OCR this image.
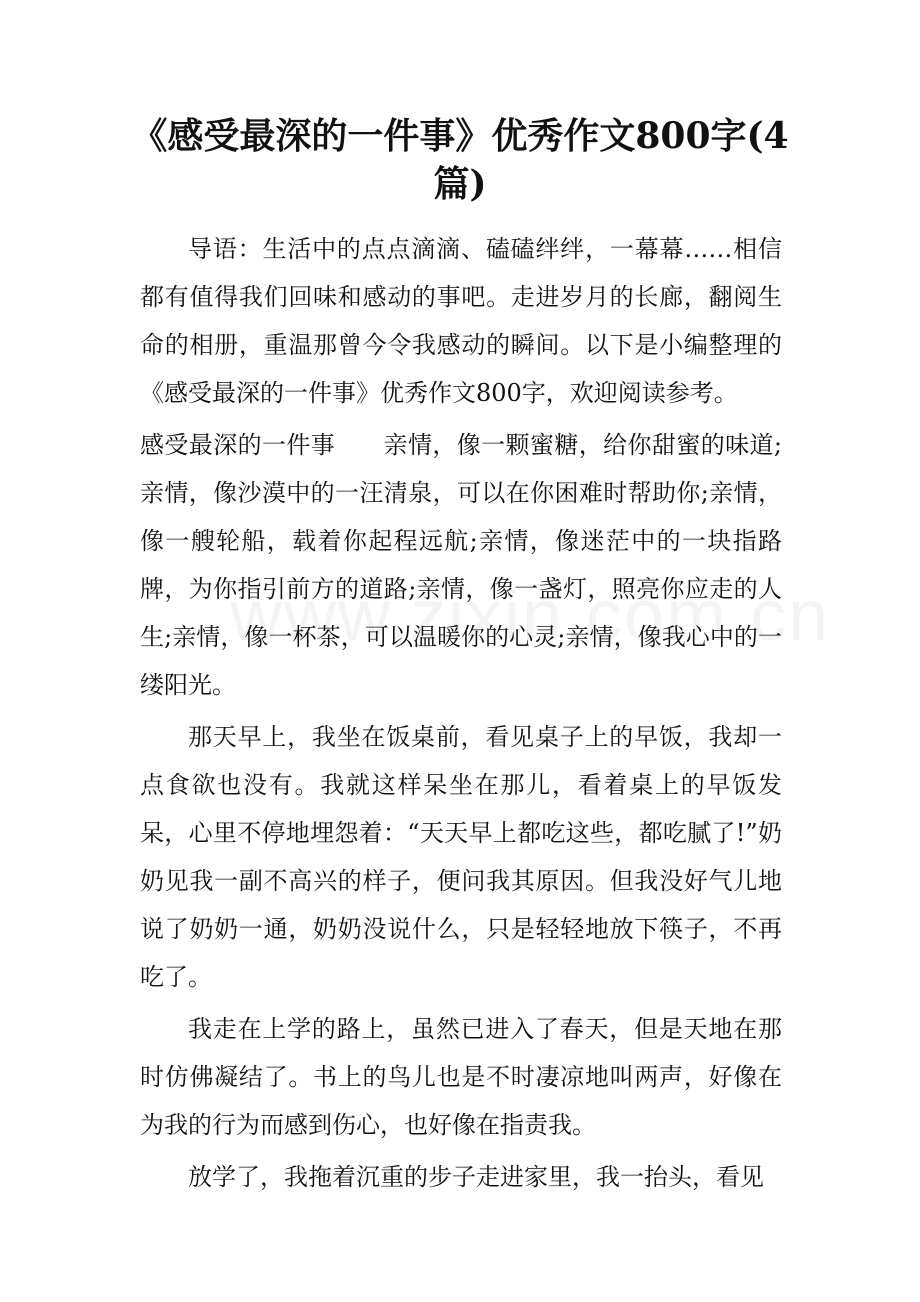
《感受最深的一件事》优秀作文800字(4篇)

导语：生活中的点点滴滴、磕磕绊绊，一幕幕……相信都有值得我们回味和感动的事吧。走进岁月的长廊，翻阅生命的相册，重温那曾今令我感动的瞬间。以下是小编整理的《感受最深的一件事》优秀作文800字，欢迎阅读参考。

感受最深的一件事 亲情，像一颗蜜糖，给你甜蜜的味道;亲情，像沙漠中的一汪清泉，可以在你困难时帮助你;亲情，像一艘轮船，载着你起程远航;亲情，像迷茫中的一块指路牌，为你指引前方的道路;亲情，像一盏灯，照亮你应走的人生;亲情，像一杯茶，可以温暖你的心灵;亲情，像我心中的一缕阳光。

那天早上，我坐在饭桌前，看见桌子上的早饭，我却一点食欲也没有。我就这样呆坐在那儿，看着桌上的早饭发呆，心里不停地埋怨着：“天天早上都吃这些，都吃腻了!”奶奶见我一副不高兴的样子，便问我其原因。但我没好气儿地说了奶奶一通，奶奶没说什么，只是轻轻地放下筷子，不再吃了。

我走在上学的路上，虽然已进入了春天，但是天地在那时仿佛凝结了。书上的鸟儿也是不时凄凉地叫两声，好像在为我的行为而感到伤心，也好像在指责我。

放学了，我拖着沉重的步子走进家里，我一抬头，看见
